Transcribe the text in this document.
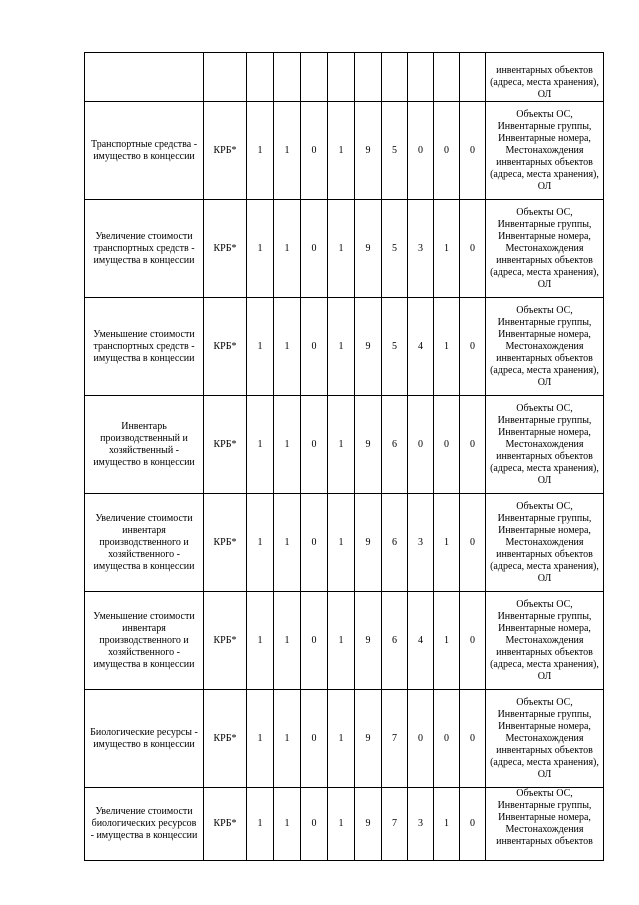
											инвентарных объектов (адреса, места хранения), ОЛ
Транспортные средства - имущество в концессии	КРБ*	1	1	0	1	9	5	0	0	0	Объекты ОС, Инвентарные группы, Инвентарные номера, Местонахождения инвентарных объектов (адреса, места хранения), ОЛ
Увеличение стоимости транспортных средств - имущества в концессии	КРБ*	1	1	0	1	9	5	3	1	0	Объекты ОС, Инвентарные группы, Инвентарные номера, Местонахождения инвентарных объектов (адреса, места хранения), ОЛ
Уменьшение стоимости транспортных средств - имущества в концессии	КРБ*	1	1	0	1	9	5	4	1	0	Объекты ОС, Инвентарные группы, Инвентарные номера, Местонахождения инвентарных объектов (адреса, места хранения), ОЛ
Инвентарь производственный и хозяйственный - имущество в концессии	КРБ*	1	1	0	1	9	6	0	0	0	Объекты ОС, Инвентарные группы, Инвентарные номера, Местонахождения инвентарных объектов (адреса, места хранения), ОЛ
Увеличение стоимости инвентаря производственного и хозяйственного - имущества в концессии	КРБ*	1	1	0	1	9	6	3	1	0	Объекты ОС, Инвентарные группы, Инвентарные номера, Местонахождения инвентарных объектов (адреса, места хранения), ОЛ
Уменьшение стоимости инвентаря производственного и хозяйственного - имущества в концессии	КРБ*	1	1	0	1	9	6	4	1	0	Объекты ОС, Инвентарные группы, Инвентарные номера, Местонахождения инвентарных объектов (адреса, места хранения), ОЛ
Биологические ресурсы - имущество в концессии	КРБ*	1	1	0	1	9	7	0	0	0	Объекты ОС, Инвентарные группы, Инвентарные номера, Местонахождения инвентарных объектов (адреса, места хранения), ОЛ
Увеличение стоимости биологических ресурсов - имущества в концессии	КРБ*	1	1	0	1	9	7	3	1	0	Объекты ОС, Инвентарные группы, Инвентарные номера, Местонахождения инвентарных объектов
